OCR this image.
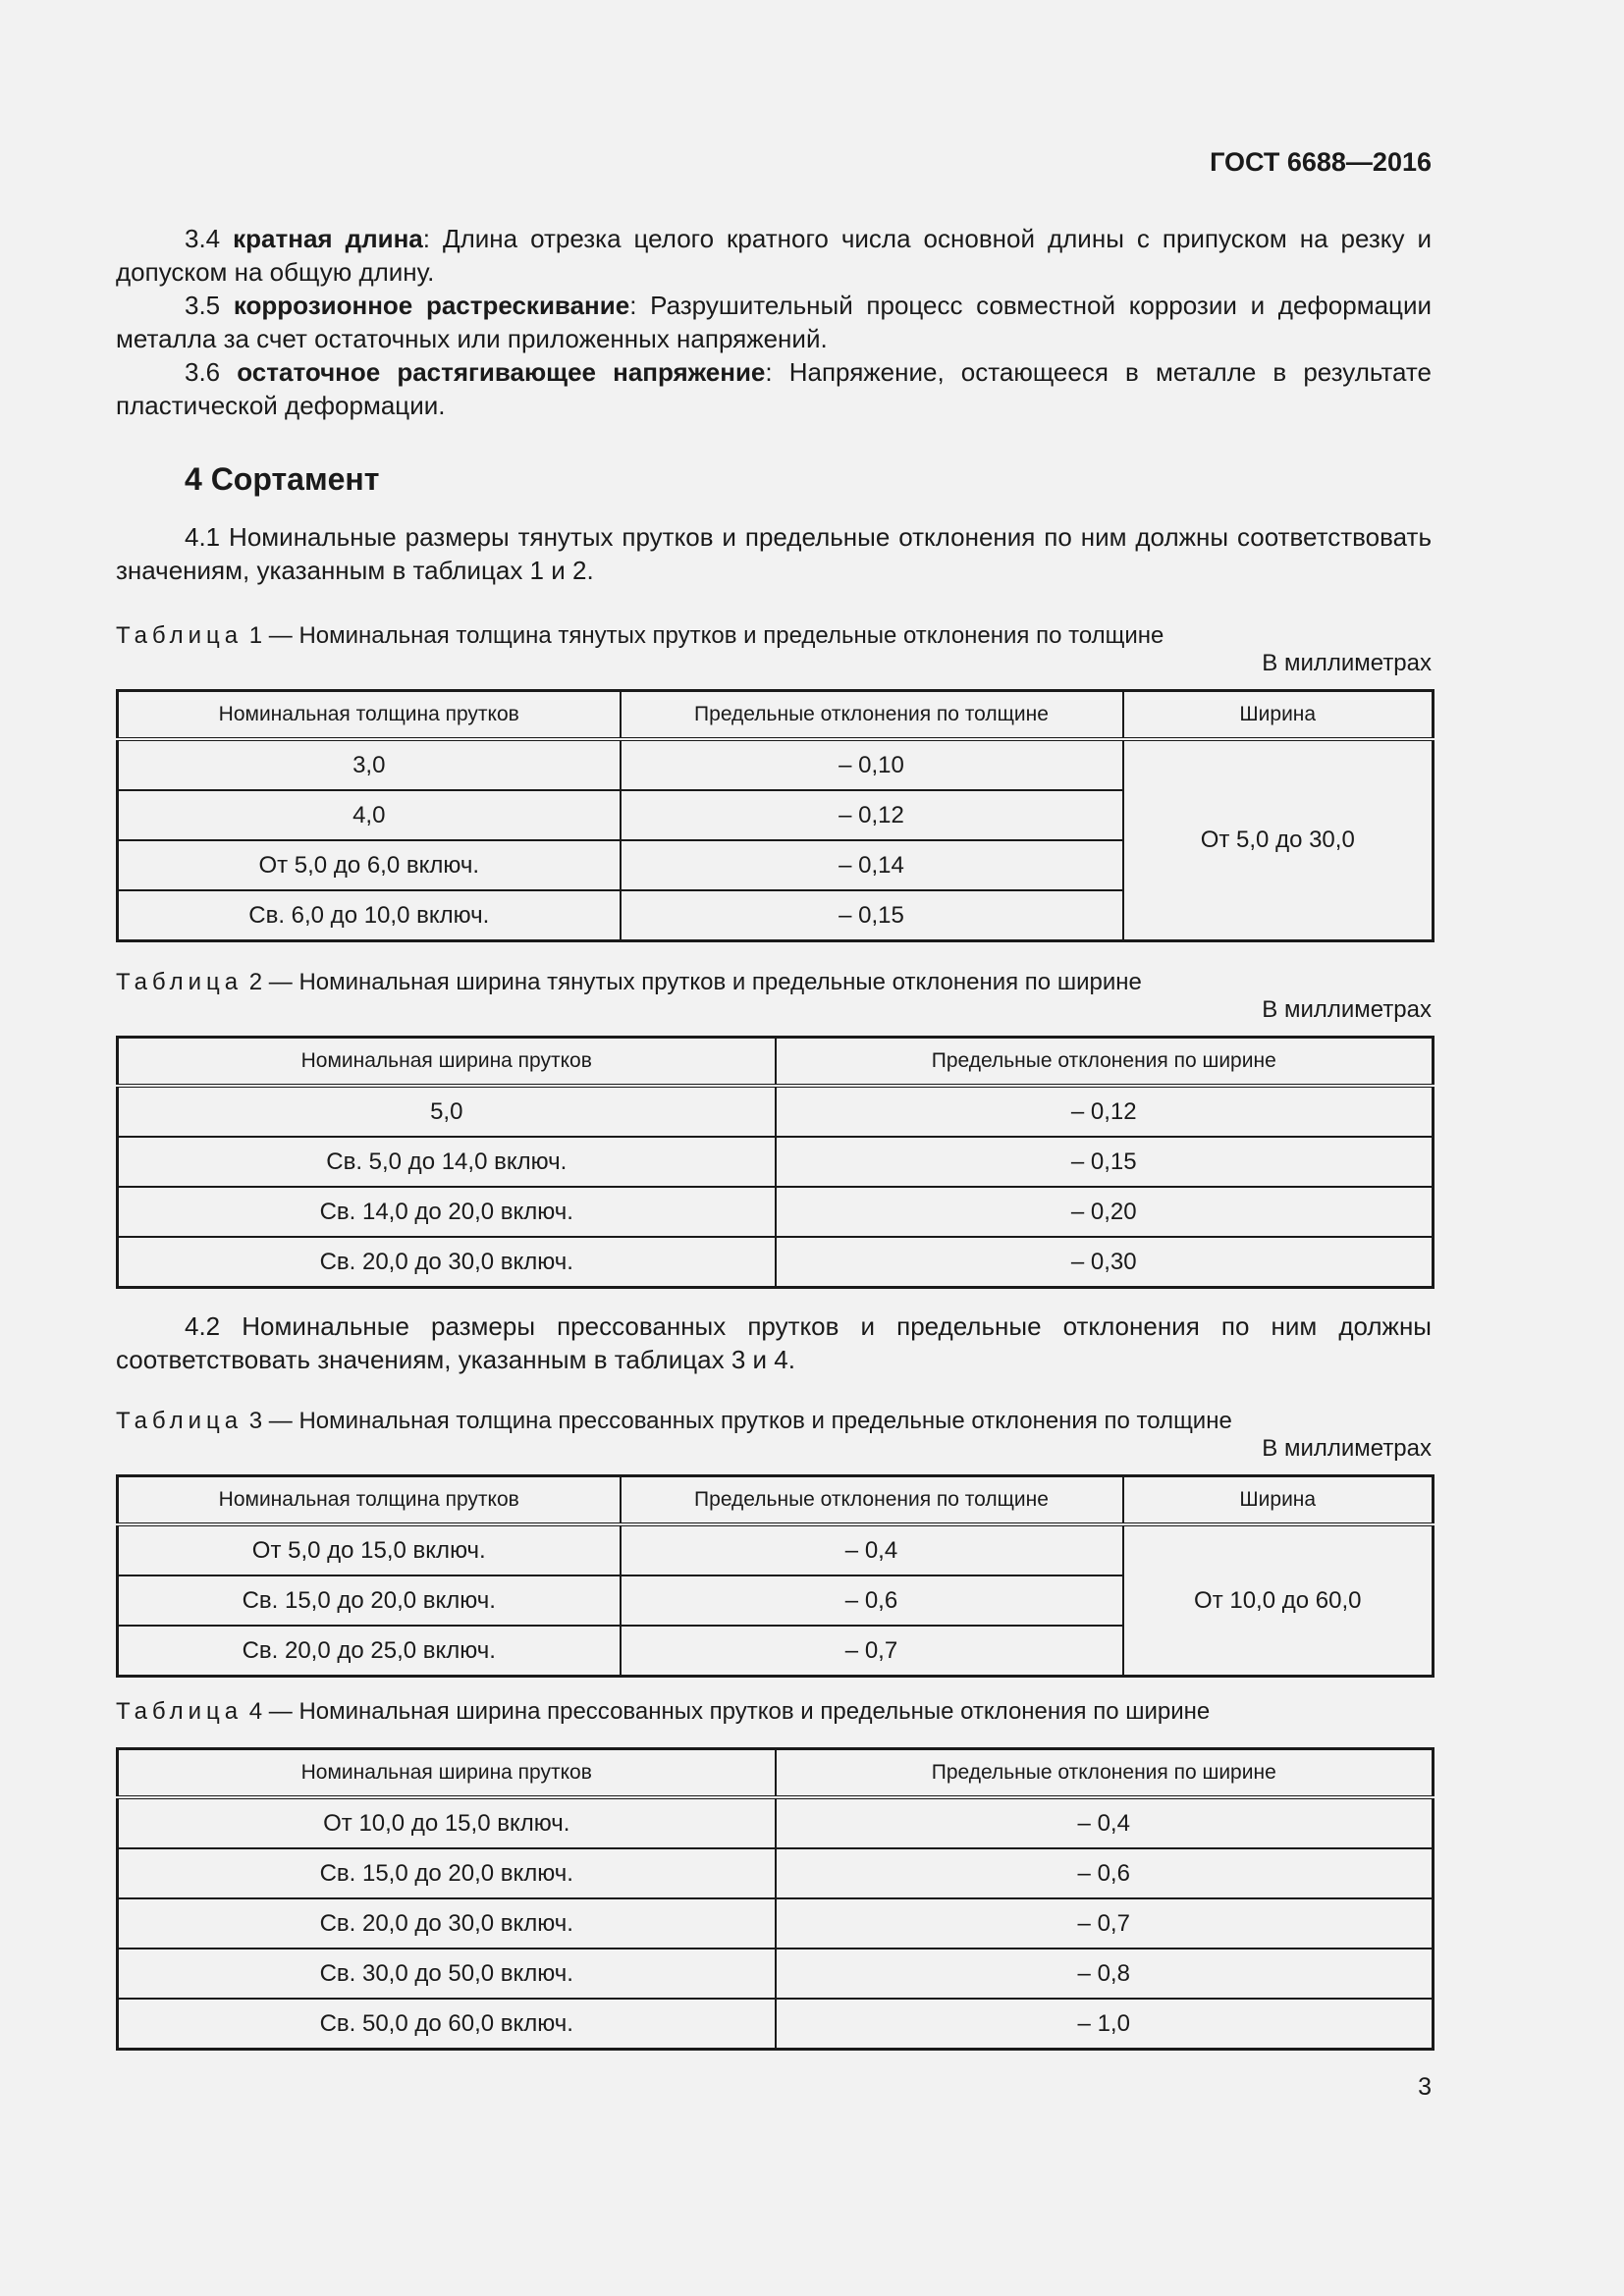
ГОСТ 6688—2016

3.4 кратная длина: Длина отрезка целого кратного числа основной длины с припуском на резку и допуском на общую длину.

3.5 коррозионное растрескивание: Разрушительный процесс совместной коррозии и деформации металла за счет остаточных или приложенных напряжений.

3.6 остаточное растягивающее напряжение: Напряжение, остающееся в металле в результате пластической деформации.

4 Сортамент

4.1 Номинальные размеры тянутых прутков и предельные отклонения по ним должны соответствовать значениям, указанным в таблицах 1 и 2.

Таблица 1 — Номинальная толщина тянутых прутков и предельные отклонения по толщине

В миллиметрах

Номинальная толщина прутков	Предельные отклонения по толщине	Ширина
3,0	– 0,10	От 5,0 до 30,0
4,0	– 0,12	
От 5,0 до 6,0 включ.	– 0,14	
Св. 6,0 до 10,0 включ.	– 0,15	

Таблица 2 — Номинальная ширина тянутых прутков и предельные отклонения по ширине

В миллиметрах

Номинальная ширина прутков	Предельные отклонения по ширине
5,0	– 0,12
Св. 5,0 до 14,0 включ.	– 0,15
Св. 14,0 до 20,0 включ.	– 0,20
Св. 20,0 до 30,0 включ.	– 0,30

4.2 Номинальные размеры прессованных прутков и предельные отклонения по ним должны соответствовать значениям, указанным в таблицах 3 и 4.

Таблица 3 — Номинальная толщина прессованных прутков и предельные отклонения по толщине

В миллиметрах

Номинальная толщина прутков	Предельные отклонения по толщине	Ширина
От 5,0 до 15,0 включ.	– 0,4	От 10,0 до 60,0
Св. 15,0 до 20,0 включ.	– 0,6	
Св. 20,0 до 25,0 включ.	– 0,7	

Таблица 4 — Номинальная ширина прессованных прутков и предельные отклонения по ширине

Номинальная ширина прутков	Предельные отклонения по ширине
От 10,0 до 15,0 включ.	– 0,4
Св. 15,0 до 20,0 включ.	– 0,6
Св. 20,0 до 30,0 включ.	– 0,7
Св. 30,0 до 50,0 включ.	– 0,8
Св. 50,0 до 60,0 включ.	– 1,0
3
